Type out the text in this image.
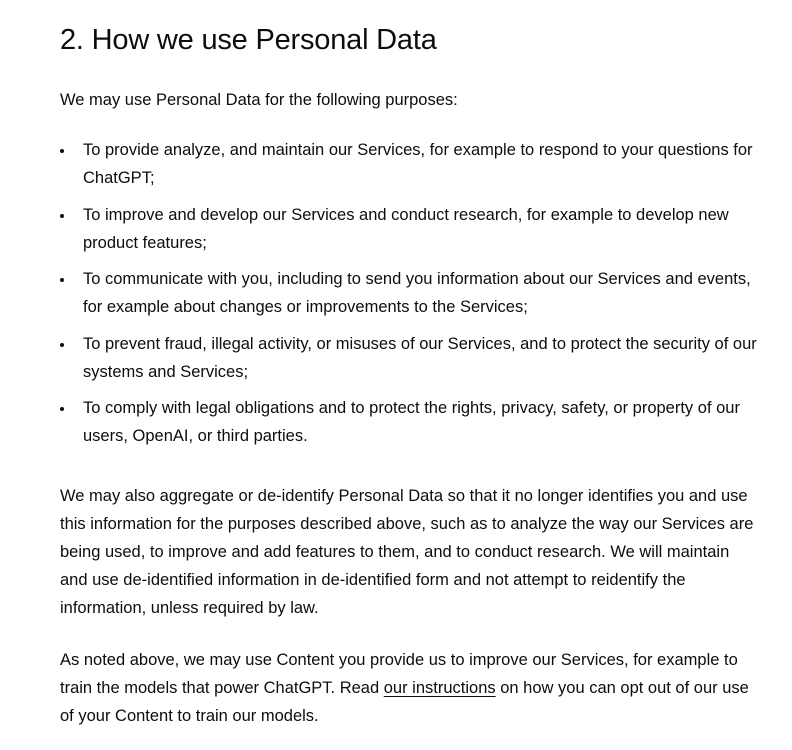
2. How we use Personal Data

We may use Personal Data for the following purposes:

To provide analyze, and maintain our Services, for example to respond to your questions for ChatGPT;
To improve and develop our Services and conduct research, for example to develop new product features;
To communicate with you, including to send you information about our Services and events, for example about changes or improvements to the Services;
To prevent fraud, illegal activity, or misuses of our Services, and to protect the security of our systems and Services;
To comply with legal obligations and to protect the rights, privacy, safety, or property of our users, OpenAI, or third parties.

We may also aggregate or de-identify Personal Data so that it no longer identifies you and use this information for the purposes described above, such as to analyze the way our Services are being used, to improve and add features to them, and to conduct research. We will maintain and use de-identified information in de-identified form and not attempt to reidentify the information, unless required by law.

As noted above, we may use Content you provide us to improve our Services, for example to train the models that power ChatGPT. Read our instructions on how you can opt out of our use of your Content to train our models.
